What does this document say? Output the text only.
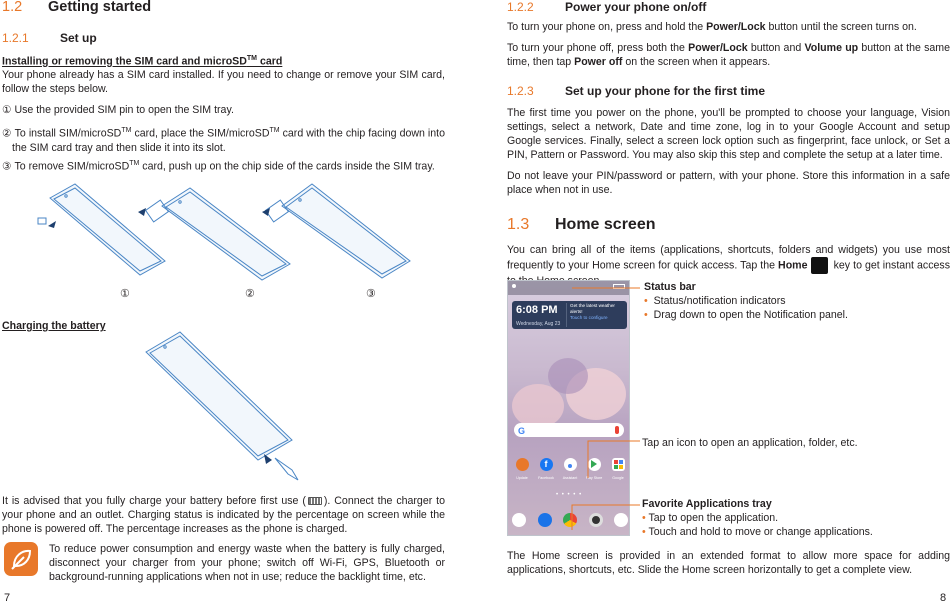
1.2 Getting started
1.2.1	Set up
Installing or removing the SIM card and microSD™ card
Your phone already has a SIM card installed. If you need to change or remove your SIM card, follow the steps below.
① Use the provided SIM pin to open the SIM tray.
② To install SIM/microSD™ card, place the SIM/microSD™ card with the chip facing down into the SIM card tray and then slide it into its slot.
③ To remove SIM/microSD™ card, push up on the chip side of the cards inside the SIM tray.
①	②	③
Charging the battery
It is advised that you fully charge your battery before first use ( ). Connect the charger to your phone and an outlet. Charging status is indicated by the percentage on screen while the phone is powered off. The percentage increases as the phone is charged.
To reduce power consumption and energy waste when the battery is fully charged, disconnect your charger from your phone; switch off Wi-Fi, GPS, Bluetooth or background-running applications when not in use; reduce the backlight time, etc.
7
1.2.2	Power your phone on/off
To turn your phone on, press and hold the Power/Lock button until the screen turns on.
To turn your phone off, press both the Power/Lock button and Volume up button at the same time, then tap Power off on the screen when it appears.
1.2.3	Set up your phone for the first time
The first time you power on the phone, you'll be prompted to choose your language, Vision settings, select a network, Date and time zone, log in to your Google Account and setup Google services. Finally, select a screen lock option such as fingerprint, face unlock, or Set a PIN, Pattern or Password. You may also skip this step and complete the setup at a later time.
Do not leave your PIN/password or pattern, with your phone. Store this information in a safe place when not in use.
1.3 Home screen
You can bring all of the items (applications, shortcuts, folders and widgets) you use most frequently to your Home screen for quick access. Tap the Home   key to get instant access
6:08 PM
Wednesday, Aug 23
Get the latest weather
alerts!
Touch to configure
G
Update
f
Facebook	Assistant	Play Store	Google
• • • • •
Status bar
• Status/notification indicators
• Drag down to open the Notification panel.
Tap an icon to open an application, folder, etc.
Favorite Applications tray
• Tap to open the application.
• Touch and hold to move or change applications.
The Home screen is provided in an extended format to allow more space for adding applications, shortcuts, etc. Slide the Home screen horizontally to get a complete view.
8
